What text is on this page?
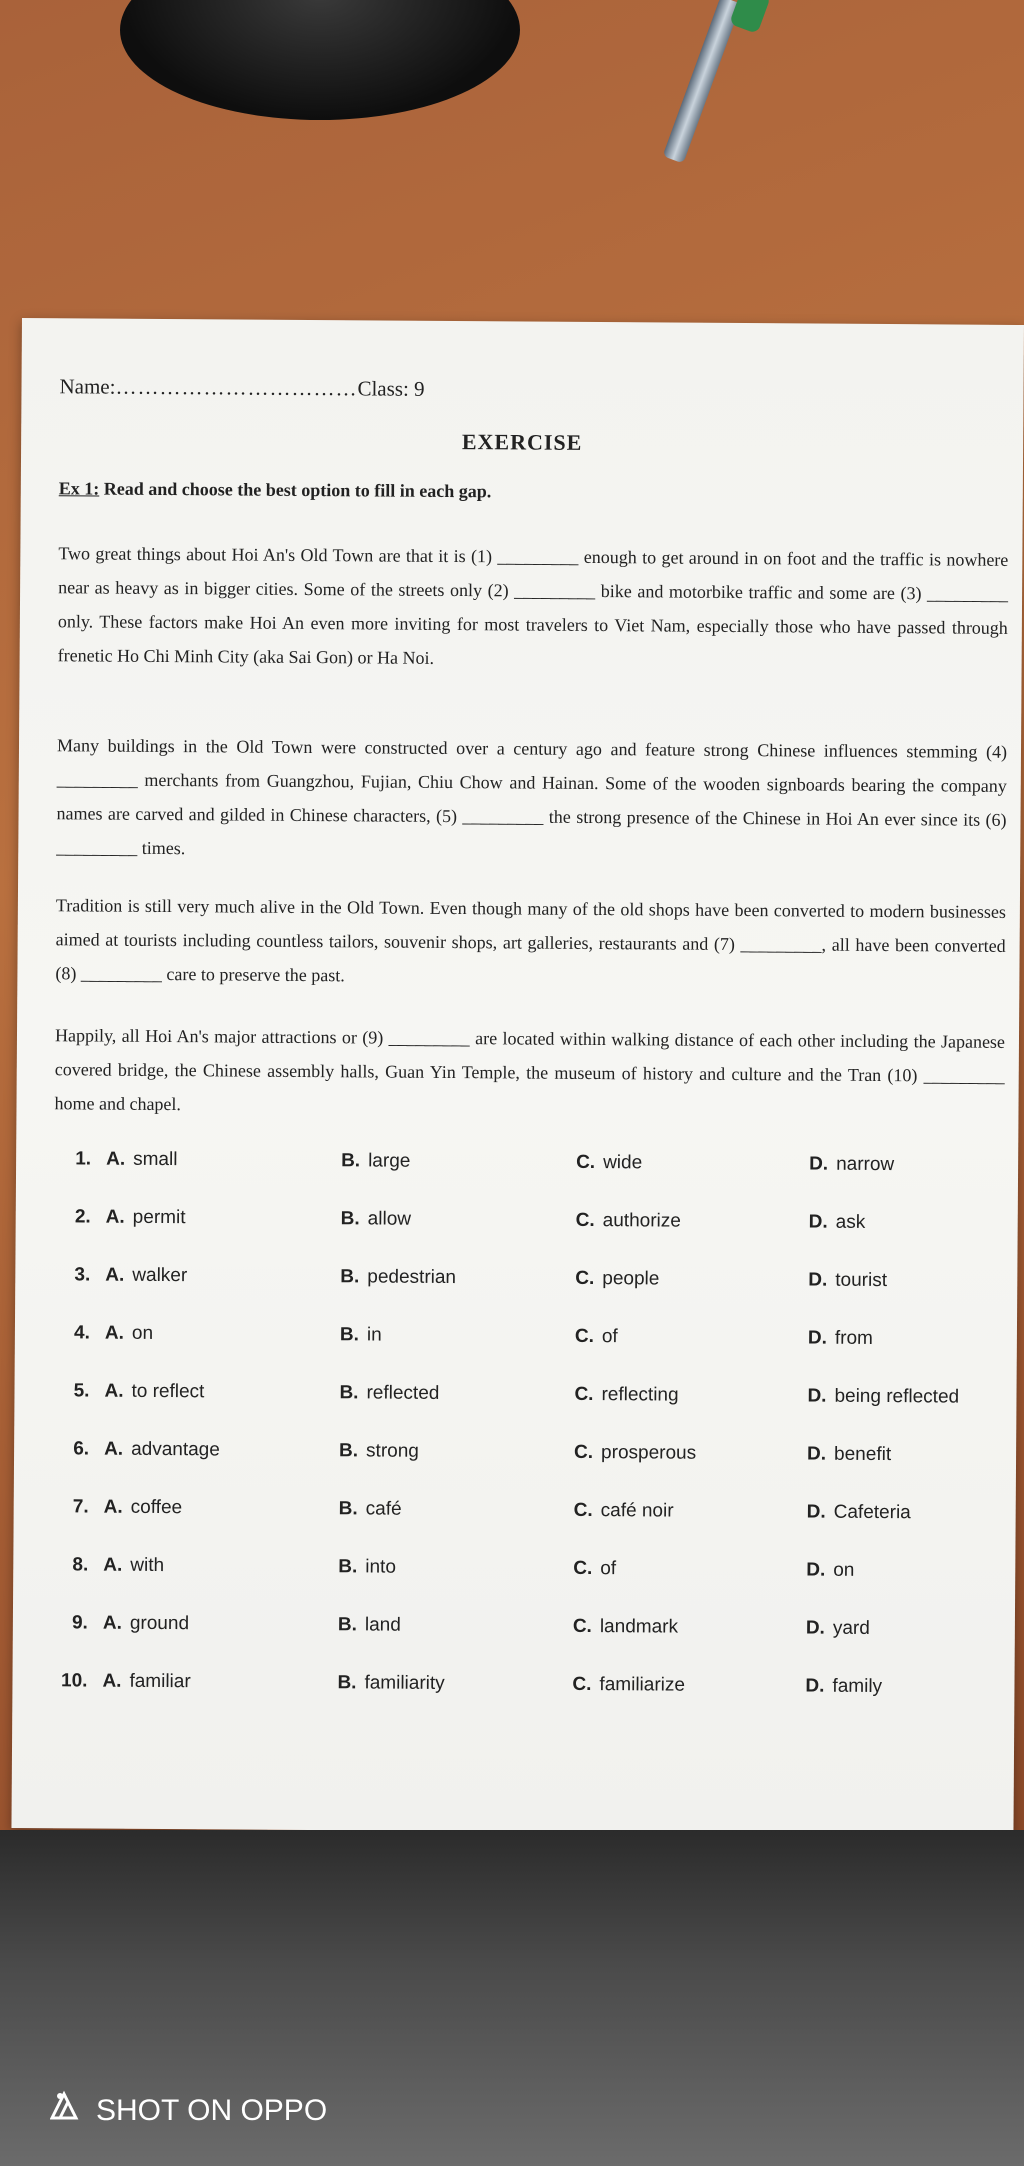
Name:……………………………Class: 9
EXERCISE
Ex 1: Read and choose the best option to fill in each gap.
Two great things about Hoi An's Old Town are that it is (1) _________ enough to get around in on foot and the traffic is nowhere near as heavy as in bigger cities. Some of the streets only (2) _________ bike and motorbike traffic and some are (3) _________ only. These factors make Hoi An even more inviting for most travelers to Viet Nam, especially those who have passed through frenetic Ho Chi Minh City (aka Sai Gon) or Ha Noi.
Many buildings in the Old Town were constructed over a century ago and feature strong Chinese influences stemming (4) _________ merchants from Guangzhou, Fujian, Chiu Chow and Hainan. Some of the wooden signboards bearing the company names are carved and gilded in Chinese characters, (5) _________ the strong presence of the Chinese in Hoi An ever since its (6) _________ times.
Tradition is still very much alive in the Old Town. Even though many of the old shops have been converted to modern businesses aimed at tourists including countless tailors, souvenir shops, art galleries, restaurants and (7) _________, all have been converted (8) _________ care to preserve the past.
Happily, all Hoi An's major attractions or (9) _________ are located within walking distance of each other including the Japanese covered bridge, the Chinese assembly halls, Guan Yin Temple, the museum of history and culture and the Tran (10) _________ home and chapel.
1. A. small	B. large	C. wide	D. narrow
2. A. permit	B. allow	C. authorize	D. ask
3. A. walker	B. pedestrian	C. people	D. tourist
4. A. on	B. in	C. of	D. from
5. A. to reflect	B. reflected	C. reflecting	D. being reflected
6. A. advantage	B. strong	C. prosperous	D. benefit
7. A. coffee	B. café	C. café noir	D. Cafeteria
8. A. with	B. into	C. of	D. on
9. A. ground	B. land	C. landmark	D. yard
10. A. familiar	B. familiarity	C. familiarize	D. family
SHOT ON OPPO
